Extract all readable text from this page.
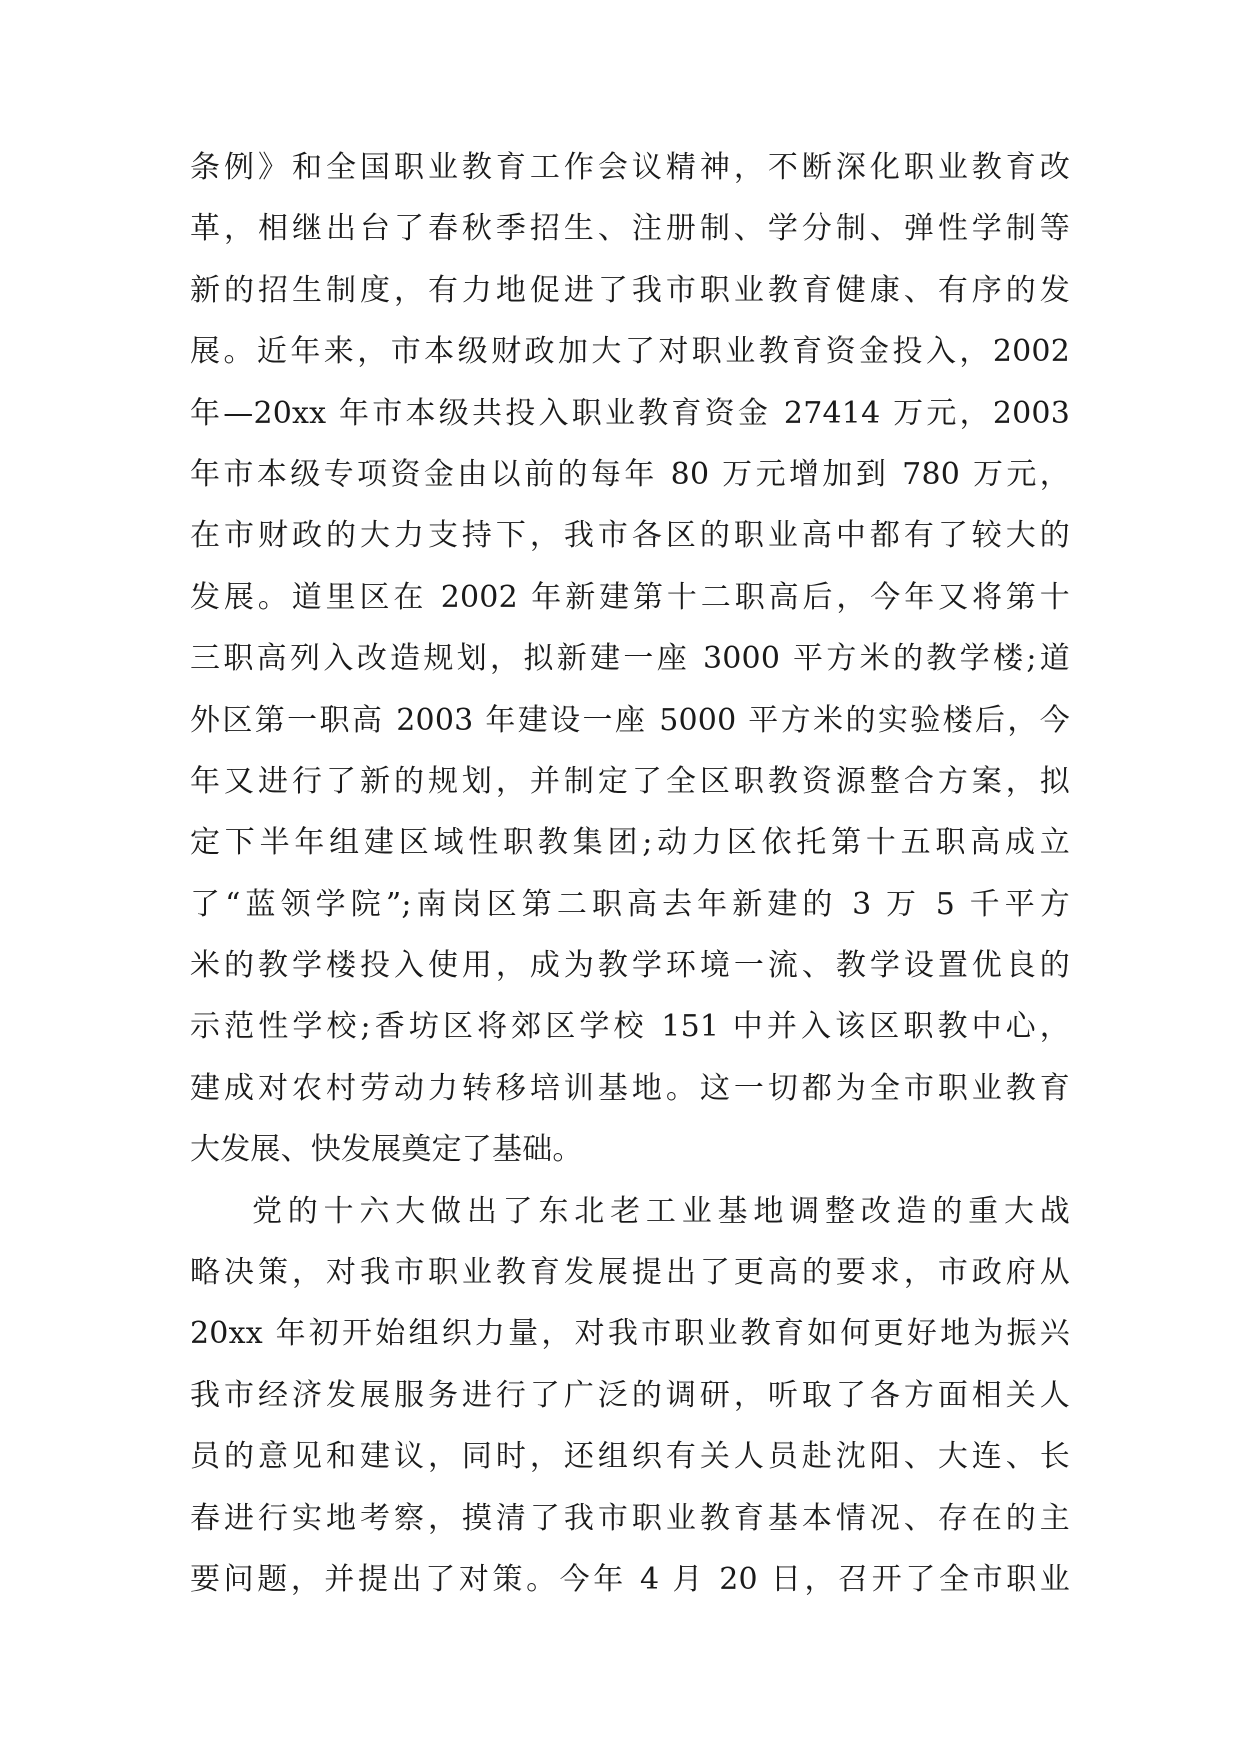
条例》和全国职业教育工作会议精神，不断深化职业教育改
革，相继出台了春秋季招生、注册制、学分制、弹性学制等
新的招生制度，有力地促进了我市职业教育健康、有序的发
展。近年来，市本级财政加大了对职业教育资金投入，2002
年—20xx 年市本级共投入职业教育资金 27414 万元，2003
年市本级专项资金由以前的每年 80 万元增加到 780 万元，
在市财政的大力支持下，我市各区的职业高中都有了较大的
发展。道里区在 2002 年新建第十二职高后，今年又将第十
三职高列入改造规划，拟新建一座 3000 平方米的教学楼;道
外区第一职高 2003 年建设一座 5000 平方米的实验楼后，今
年又进行了新的规划，并制定了全区职教资源整合方案，拟
定下半年组建区域性职教集团;动力区依托第十五职高成立
了“蓝领学院”;南岗区第二职高去年新建的 3 万 5 千平方
米的教学楼投入使用，成为教学环境一流、教学设置优良的
示范性学校;香坊区将郊区学校 151 中并入该区职教中心，
建成对农村劳动力转移培训基地。这一切都为全市职业教育
大发展、快发展奠定了基础。
党的十六大做出了东北老工业基地调整改造的重大战
略决策，对我市职业教育发展提出了更高的要求，市政府从
20xx 年初开始组织力量，对我市职业教育如何更好地为振兴
我市经济发展服务进行了广泛的调研，听取了各方面相关人
员的意见和建议，同时，还组织有关人员赴沈阳、大连、长
春进行实地考察，摸清了我市职业教育基本情况、存在的主
要问题，并提出了对策。今年 4 月 20 日，召开了全市职业
